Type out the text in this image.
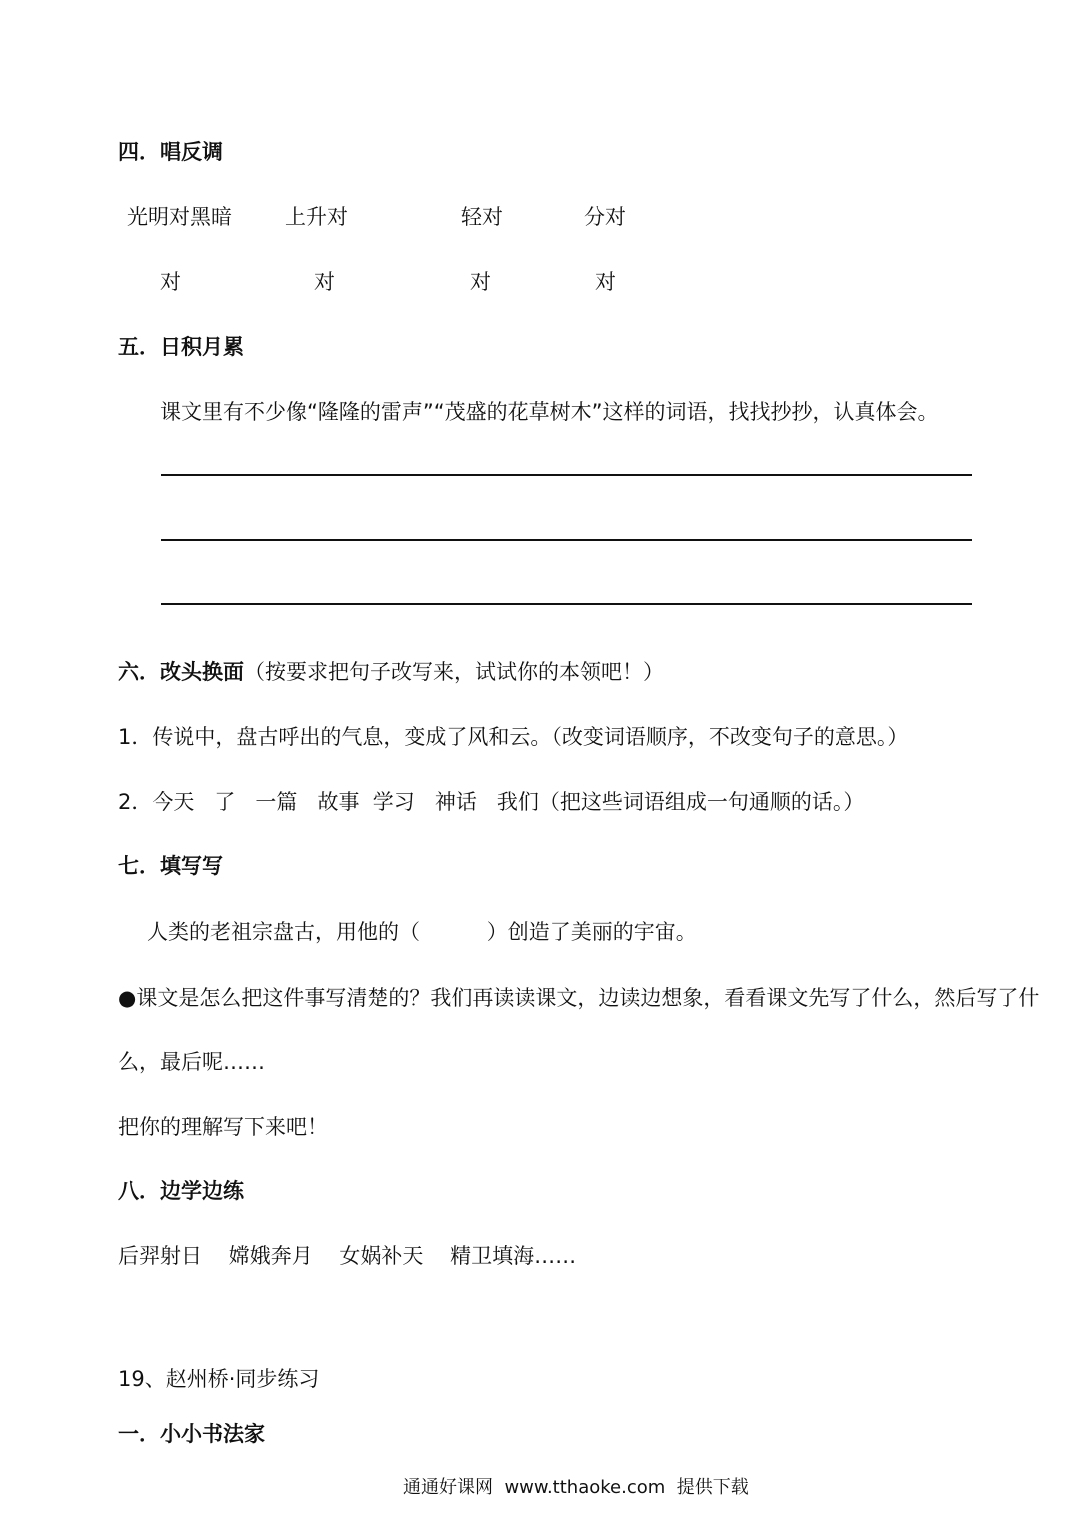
四．唱反调
光明对黑暗	上升对	轻对	分对
对	对	对	对
五．日积月累
课文里有不少像“隆隆的雷声”“茂盛的花草树木”这样的词语，找找抄抄，认真体会。
六．改头换面（按要求把句子改写来，试试你的本领吧！）
1．传说中，盘古呼出的气息，变成了风和云。（改变词语顺序，不改变句子的意思。）
2．今天   了   一篇   故事  学习   神话   我们（把这些词语组成一句通顺的话。）
七．填写写
人类的老祖宗盘古，用他的（          ）创造了美丽的宇宙。
●课文是怎么把这件事写清楚的？我们再读读课文，边读边想象，看看课文先写了什么，然后写了什
么，最后呢……
把你的理解写下来吧！
八．边学边练
后羿射日    嫦娥奔月    女娲补天    精卫填海……
19、赵州桥·同步练习
一．小小书法家
通通好课网  www.tthaoke.com  提供下载
